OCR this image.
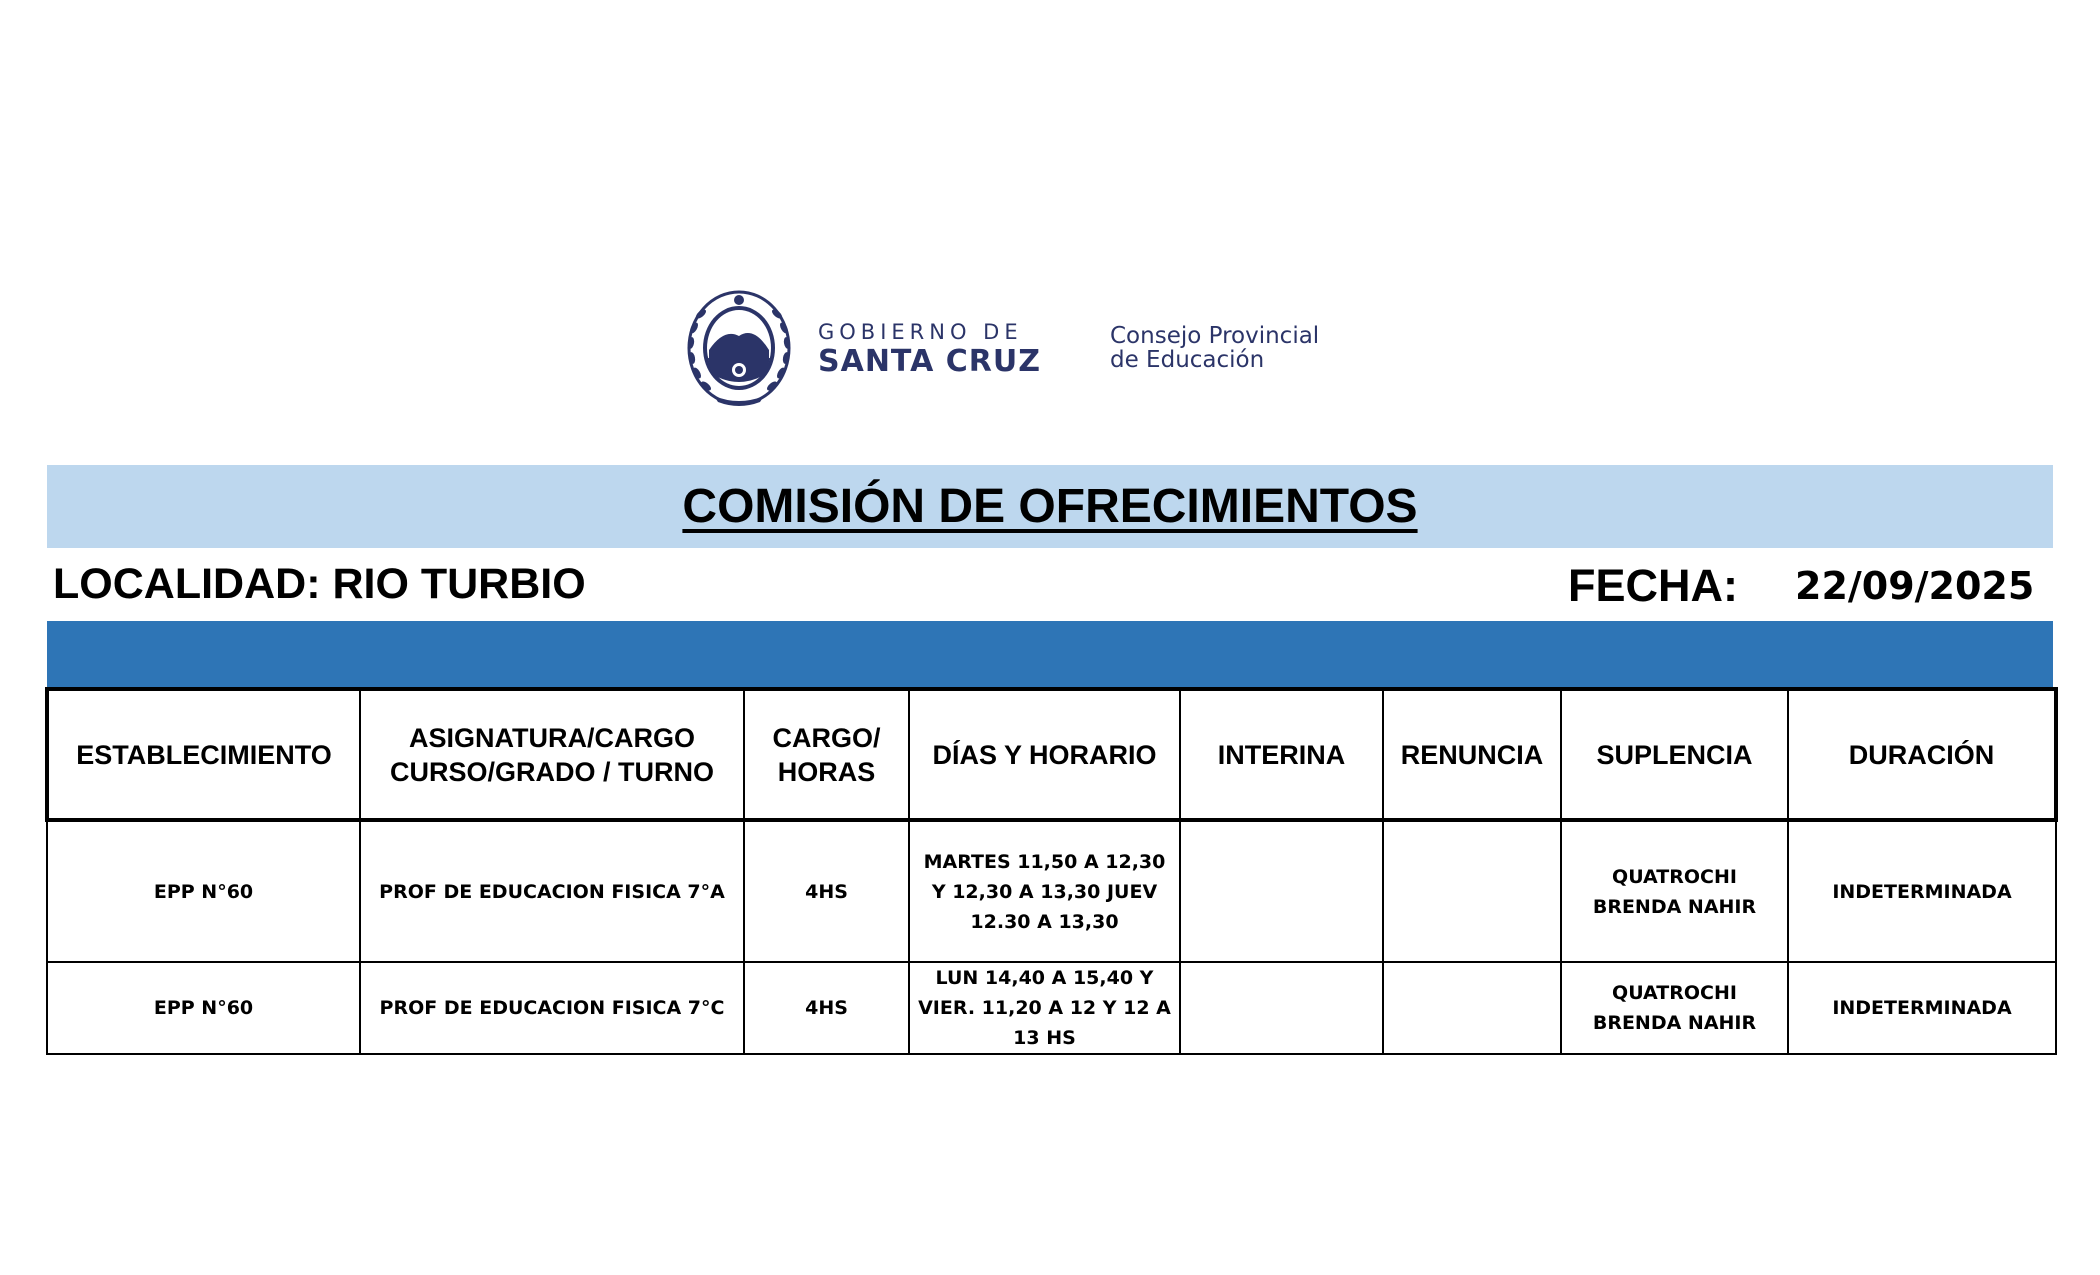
GOBIERNO DE
SANTA CRUZ
Consejo Provincial
de Educación
COMISIÓN DE OFRECIMIENTOS
LOCALIDAD: RIO TURBIO	FECHA: 22/09/2025
ESTABLECIMIENTO	ASIGNATURA/CARGO CURSO/GRADO / TURNO	CARGO/ HORAS	DÍAS Y HORARIO	INTERINA	RENUNCIA	SUPLENCIA	DURACIÓN
EPP N°60	PROF DE EDUCACION FISICA 7°A	4HS	MARTES 11,50 A 12,30 Y 12,30 A 13,30 JUEV 12.30 A 13,30			QUATROCHI BRENDA NAHIR	INDETERMINADA
EPP N°60	PROF DE EDUCACION FISICA 7°C	4HS	LUN 14,40 A 15,40 Y VIER. 11,20 A 12 Y 12 A 13 HS			QUATROCHI BRENDA NAHIR	INDETERMINADA
